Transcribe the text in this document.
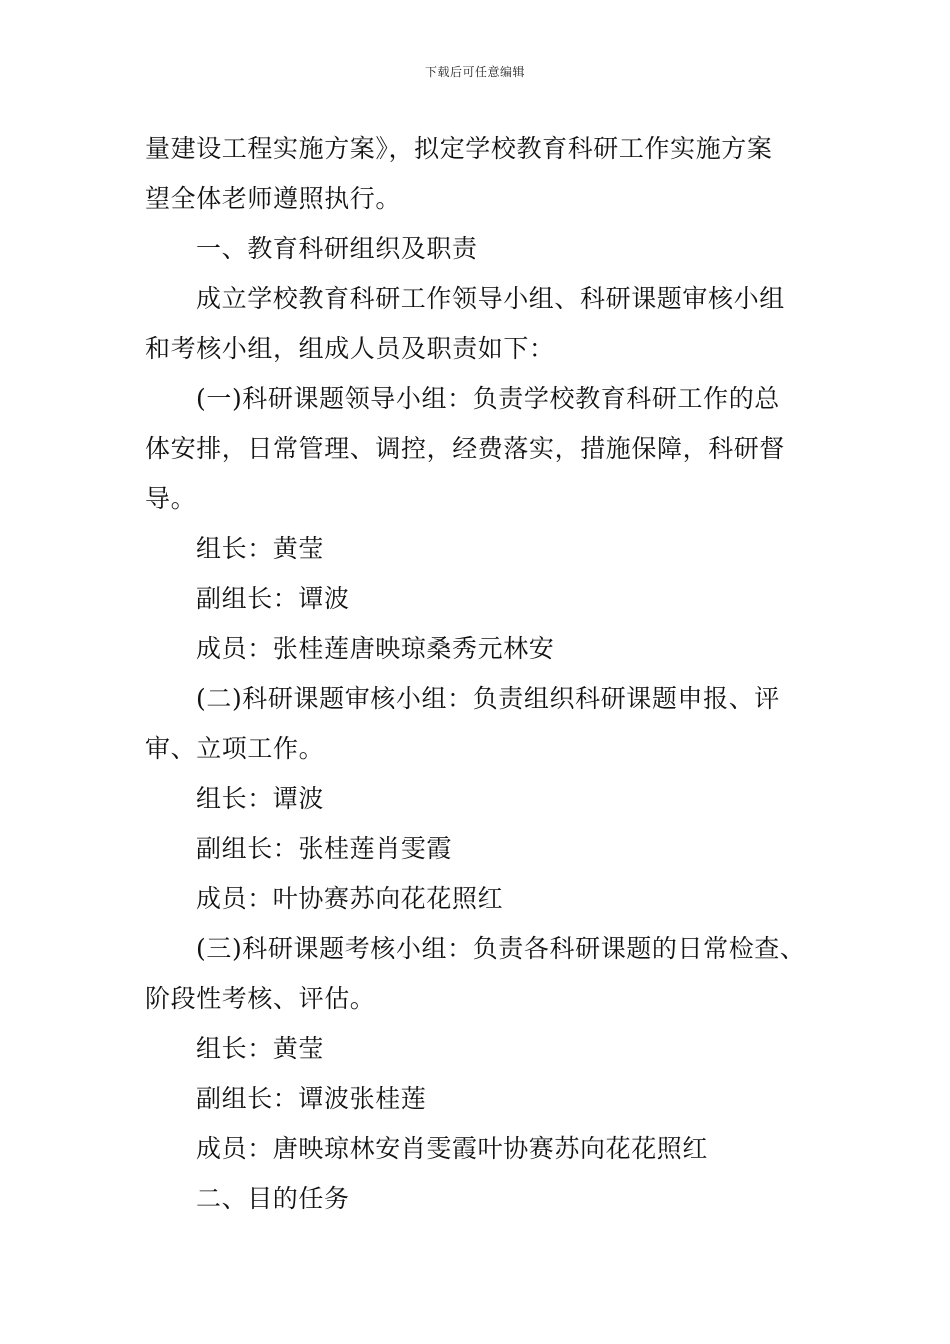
下载后可任意编辑
量建设工程实施方案》，拟定学校教育科研工作实施方案
望全体老师遵照执行。
一、教育科研组织及职责
成立学校教育科研工作领导小组、科研课题审核小组
和考核小组，组成人员及职责如下：
(一)科研课题领导小组：负责学校教育科研工作的总
体安排，日常管理、调控，经费落实，措施保障，科研督
导。
组长：黄莹
副组长：谭波
成员：张桂莲唐映琼桑秀元林安
(二)科研课题审核小组：负责组织科研课题申报、评
审、立项工作。
组长：谭波
副组长：张桂莲肖雯霞
成员：叶协赛苏向花花照红
(三)科研课题考核小组：负责各科研课题的日常检查、
阶段性考核、评估。
组长：黄莹
副组长：谭波张桂莲
成员：唐映琼林安肖雯霞叶协赛苏向花花照红
二、目的任务
